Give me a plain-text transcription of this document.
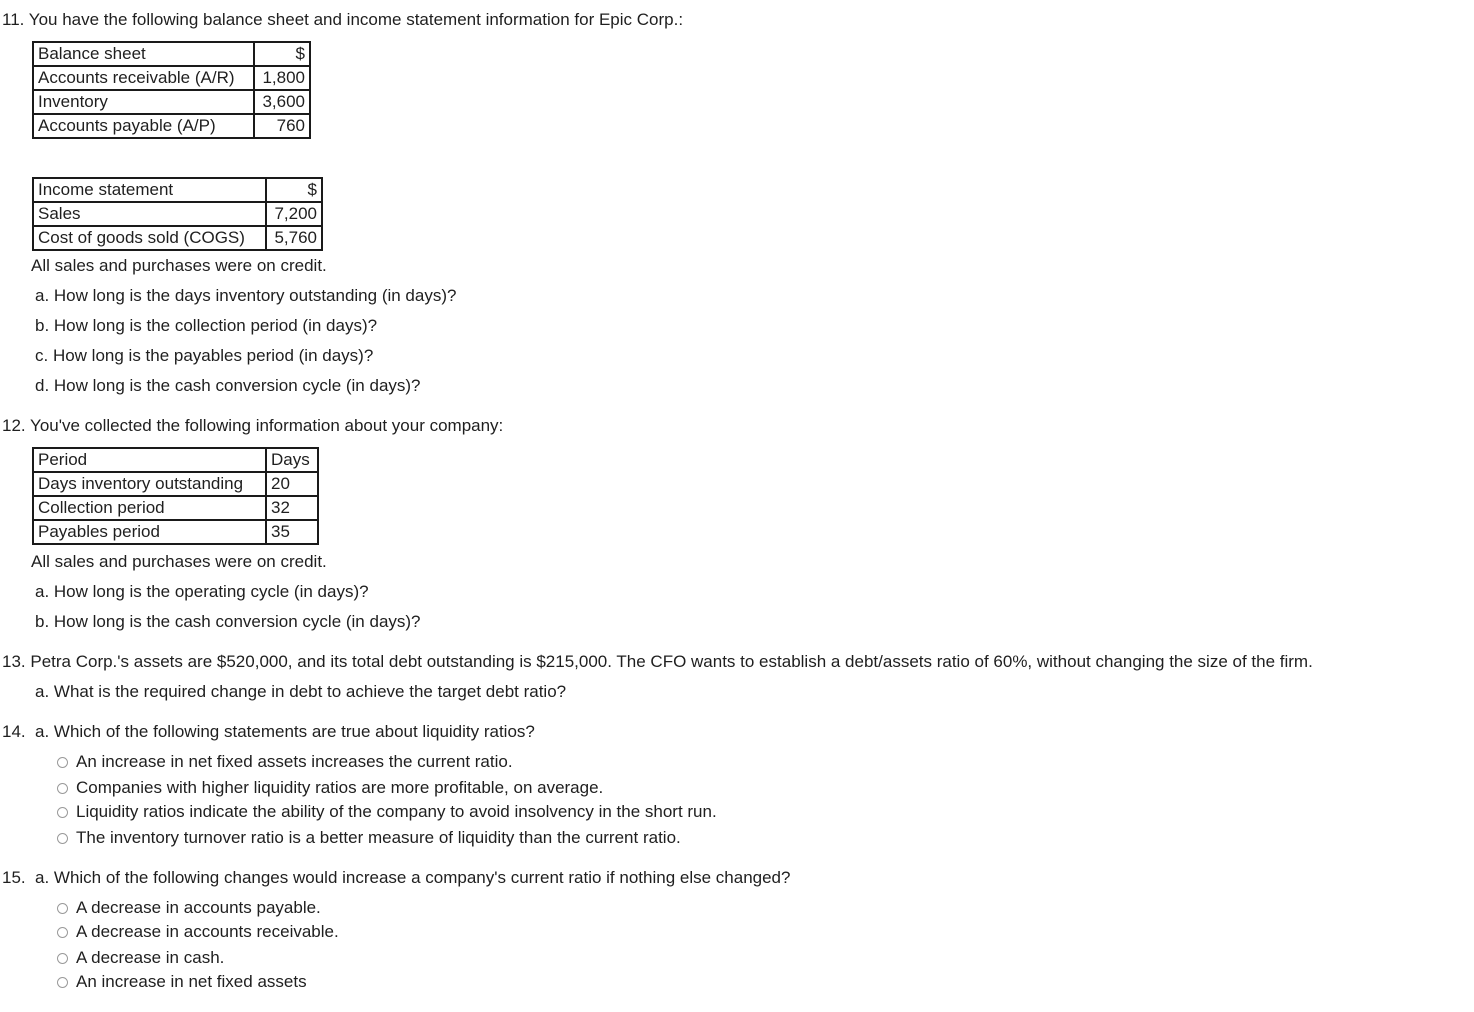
11. You have the following balance sheet and income statement information for Epic Corp.:
Balance sheet	$
Accounts receivable (A/R)	1,800
Inventory	3,600
Accounts payable (A/P)	760
Income statement	$
Sales	7,200
Cost of goods sold (COGS)	5,760
All sales and purchases were on credit.
a. How long is the days inventory outstanding (in days)?
b. How long is the collection period (in days)?
c. How long is the payables period (in days)?
d. How long is the cash conversion cycle (in days)?
12. You've collected the following information about your company:
Period	Days
Days inventory outstanding	20
Collection period	32
Payables period	35
All sales and purchases were on credit.
a. How long is the operating cycle (in days)?
b. How long is the cash conversion cycle (in days)?
13. Petra Corp.'s assets are $520,000, and its total debt outstanding is $215,000. The CFO wants to establish a debt/assets ratio of 60%, without changing the size of the firm.
a. What is the required change in debt to achieve the target debt ratio?
14. a. Which of the following statements are true about liquidity ratios?
An increase in net fixed assets increases the current ratio.
Companies with higher liquidity ratios are more profitable, on average.
Liquidity ratios indicate the ability of the company to avoid insolvency in the short run.
The inventory turnover ratio is a better measure of liquidity than the current ratio.
15. a. Which of the following changes would increase a company's current ratio if nothing else changed?
A decrease in accounts payable.
A decrease in accounts receivable.
A decrease in cash.
An increase in net fixed assets
